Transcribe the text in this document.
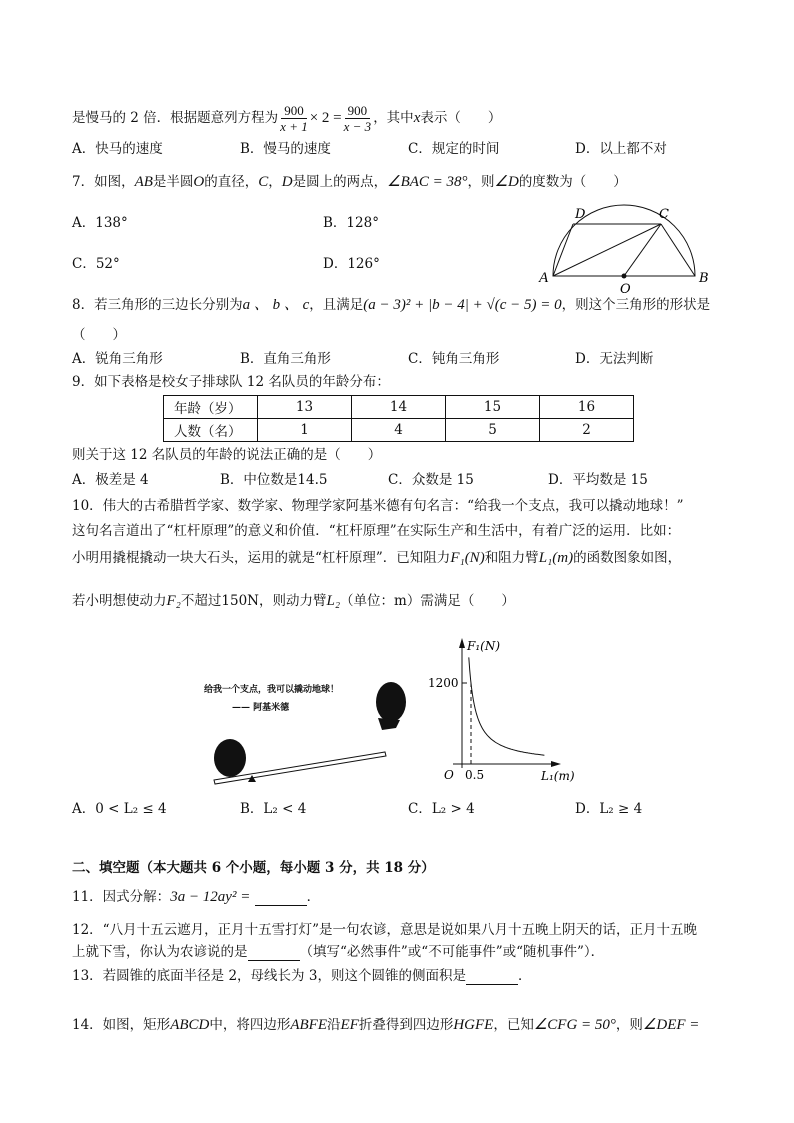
是慢马的 2 倍．根据题意列方程为 $\frac{900}{x + 1} \times 2 = \frac{900}{x - 3}$ ，其中x表示（　　）
A．快马的速度	B．慢马的速度	C．规定的时间	D．以上都不对
7．如图，AB是半圆O的直径，C，D是圆上的两点，∠BAC = 38°，则∠D的度数为（　　）
A．138°	B．128°
C．52°	D．126°
A	B
C
D
O
8．若三角形的三边长分别为a 、 b 、 c，且满足(a − 3)² + |b − 4| + √(c − 5) = 0，则这个三角形的形状是
（　　）
A．锐角三角形	B．直角三角形	C．钝角三角形	D．无法判断
9．如下表格是校女子排球队 12 名队员的年龄分布：
年龄（岁）	13	14	15	16
人数（名）	1	4	5	2
则关于这 12 名队员的年龄的说法正确的是（　　）
A．极差是 4	B．中位数是14.5	C．众数是 15	D．平均数是 15
10．伟大的古希腊哲学家、数学家、物理学家阿基米德有句名言：“给我一个支点，我可以撬动地球！”
这句名言道出了“杠杆原理”的意义和价值．“杠杆原理”在实际生产和生活中，有着广泛的运用．比如：
小明用撬棍撬动一块大石头，运用的就是“杠杆原理”．已知阻力F₁(N)和阻力臂L₁(m)的函数图象如图，
若小明想使动力F₂不超过150N，则动力臂L₂（单位：m）需满足（　　）
给我一个支点，我可以撬动地球！
—— 阿基米德
F₁(N)
L₁(m)
1200
0.5
O
A．0 < L₂ ≤ 4	B．L₂ < 4	C．L₂ > 4	D．L₂ ≥ 4
二、填空题（本大题共 6 个小题，每小题 3 分，共 18 分）
11．因式分解：3a − 12ay² =	．
12．“八月十五云遮月，正月十五雪打灯”是一句农谚，意思是说如果八月十五晚上阴天的话，正月十五晚
上就下雪，你认为农谚说的是	（填写“必然事件”或“不可能事件”或“随机事件”）．
13．若圆锥的底面半径是 2，母线长为 3，则这个圆锥的侧面积是	．
14．如图，矩形ABCD中，将四边形ABFE沿EF折叠得到四边形HGFE，已知∠CFG = 50°，则∠DEF =
